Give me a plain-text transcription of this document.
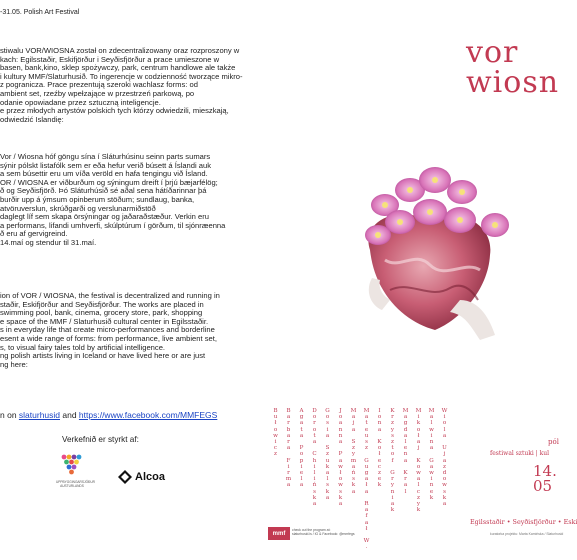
-31.05. Polish Art Festival
stiwalu VOR/WIOSNA został on zdecentralizowany oraz rozproszony w
kach: Egilsstaðir, Eskifjörður i Seyðisfjörður a prace umieszone w
basen, bank,kino, sklep spożywczy, park, centrum handlowe ale także
i kultury MMF/Slaturhusið. To ingerencje w codzienność tworzące mikro-
z pogranicza. Prace prezentują szeroki wachlasz forms: od
ambient set, rzeźby wpełzające w przestrzeń parkową, po
odanie opowiadane przez sztuczną inteligencje.
e przez młodych artystów polskich tych którzy odwiedzili, mieszkają,
odwiedzić Islandię:
Vor / Wiosna hóf göngu sína í Sláturhúsinu seinn parts sumars
sýnir pólskt listafólk sem er eða hefur verið búsett á Íslandi auk
a sem búsettir eru um víða veröld en hafa tengingu við Ísland.
OR / WIOSNA er viðburðum og sýningum dreift í þrjú bæjarfélög;
ð og Seyðisfjörð. Þó Sláturhúsið sé aðal sena hátíðarinnar þá
burðir upp á ýmsum opinberum stöðum; sundlaug, banka,
atvöruverslun, skrúðgarði og verslunarmiðstöð
daglegt líf sem skapa örsýningar og jaðaraðstæður. Verkin eru
a performans, lifandi umhverfi, skúlptúrum í görðum, til sjónræenna
ð eru af gervigreind.
14.maí og stendur til 31.maí.
ion of VOR / WIOSNA, the festival is decentralized and running in
staðir, Eskifjörður and Seyðisfjörður. The works are placed in
swimming pool, bank, cinema, grocery store, park, shopping
e space of the MMF / Slaturhusið cultural center in Egilsstaðir.
s in everyday life that create micro-performances and borderline
esent a wide range of forms: from performance, live ambient set,
s, to visual fairy tales told by artificial intelligence.
ng polish artists living in Iceland or have lived here or are just
ng here:
n on slaturhusid and https://www.facebook.com/MMFEGS
Verkefnið er styrkt af:
UPPBYGGINGARSJÓÐUR
AUSTURLANDS
Alcoa
vor
wiosn
B
u
ł
o
w
i
c
z
B
a
r
b
a
r
a

F
i
r
m
a
A
g
a
t
a

P
o
p
i
e
l
a
D
o
r
o
t
a

C
h
i
l
i
ń
s
k
a
G
o
s
i
a

S
z
u
k
a
l
s
k
a
J
o
a
n
n
a

P
a
w
ł
o
w
s
k
a
M
a
j
a

S
z
y
m
a
ń
s
k
a
M
a
t
e
u
s
z

G
u
g
a
ł
a

R
a
f
a
ł

W
.
I
o
n
a

K
o
ł
e
c
z
e
k
K
r
z
y
s
z
t
o
f

G
r
y
n
i
a
k
M
a
g
d
a
l
e
n
a

K
r
a
l
M
i
k
o
ł
a
j

K
o
w
a
l
c
z
y
k
M
a
l
w
i
n
a

G
a
w
i
n
e
k
W
i
o
l
a

U
j
a
z
d
o
w
s
k
a
pól
festiwal sztuki | kul
14.
05
Egilsstaðir • Seyðisfjörður • Eski
mmf
check out the program at:
slaturhusid.is / IG & Facebook: @mmfegs	kuratorka projektu: Marta Kamińska / Slaturhusid
